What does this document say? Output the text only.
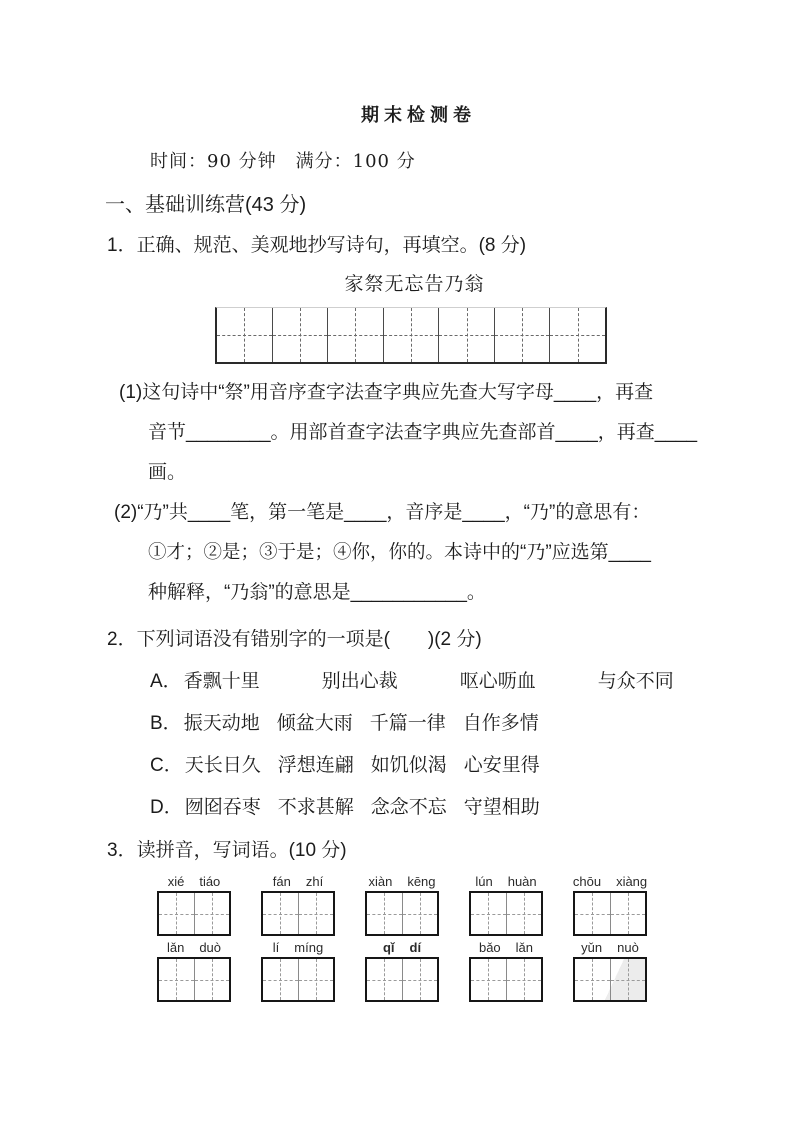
期末检测卷
时间：90 分钟　满分：100 分
一、基础训练营(43 分)
1．正确、规范、美观地抄写诗句，再填空。(8 分)
家祭无忘告乃翁
(1)这句诗中“祭”用音序查字法查字典应先查大写字母____，再查
音节________。用部首查字法查字典应先查部首____，再查____
画。
(2)“乃”共____笔，第一笔是____，音序是____，“乃”的意思有：
①才；②是；③于是；④你，你的。本诗中的“乃”应选第____
种解释，“乃翁”的意思是___________。
2．下列词语没有错别字的一项是(　　)(2 分)
A． 香飘十里	别出心裁	呕心呖血	与众不同
B． 振天动地 倾盆大雨 千篇一律 自作多情
C． 天长日久 浮想连翩 如饥似渴 心安里得
D． 囫囵吞枣 不求甚解 念念不忘 守望相助
3．读拼音，写词语。(10 分)
xié tiáo	fán zhí	xiàn kēng	lún huàn	chōu xiàng
lǎn duò	lí míng	qǐ dí	bǎo lǎn	yǔn nuò
